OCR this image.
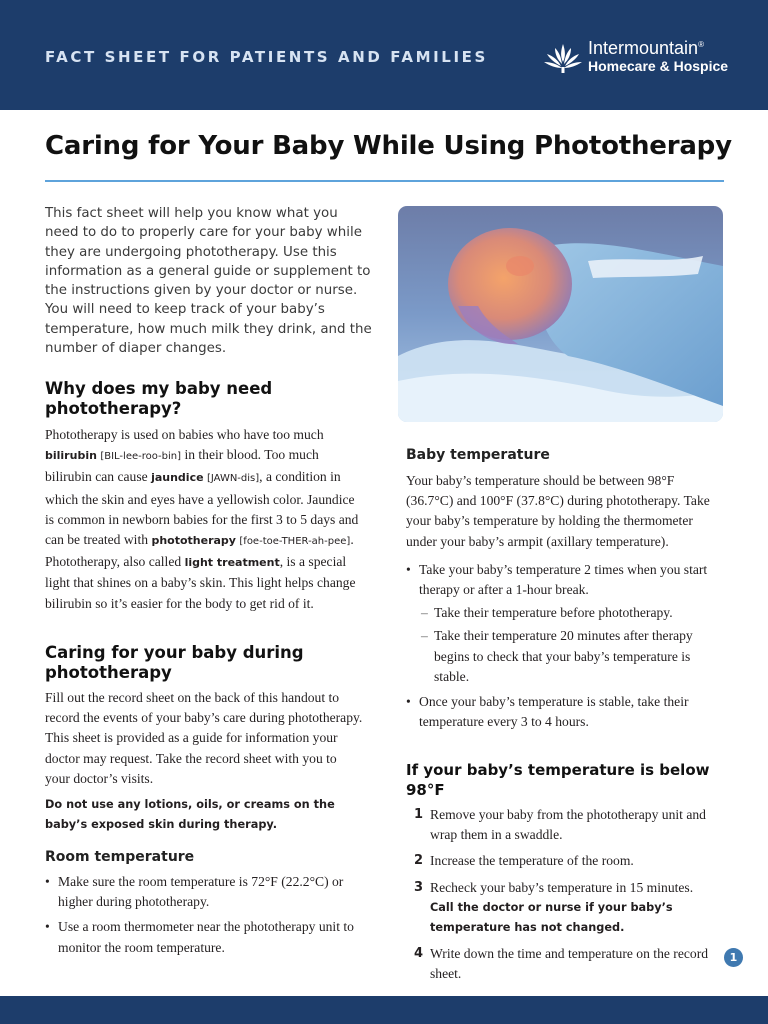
FACT SHEET FOR PATIENTS AND FAMILIES	Intermountain®
Homecare & Hospice
Caring for Your Baby While Using Phototherapy
This fact sheet will help you know what you need to do to properly care for your baby while they are undergoing phototherapy. Use this information as a general guide or supplement to the instructions given by your doctor or nurse. You will need to keep track of your baby’s temperature, how much milk they drink, and the number of diaper changes.
Why does my baby need phototherapy?

Phototherapy is used on babies who have too much bilirubin [BIL-lee-roo-bin] in their blood. Too much bilirubin can cause jaundice [JAWN-dis], a condition in which the skin and eyes have a yellowish color. Jaundice is common in newborn babies for the first 3 to 5 days and can be treated with phototherapy [foe-toe-THER-ah-pee]. Phototherapy, also called light treatment, is a special light that shines on a baby’s skin. This light helps change bilirubin so it’s easier for the body to get rid of it.

Caring for your baby during phototherapy

Fill out the record sheet on the back of this handout to record the events of your baby’s care during phototherapy. This sheet is provided as a guide for information your doctor may request. Take the record sheet with you to your doctor’s visits.

Do not use any lotions, oils, or creams on the baby’s exposed skin during therapy.

Room temperature
• Make sure the room temperature is 72°F (22.2°C) or higher during phototherapy.
• Use a room thermometer near the phototherapy unit to monitor the room temperature.
Baby temperature

Your baby’s temperature should be between 98°F (36.7°C) and 100°F (37.8°C) during phototherapy. Take your baby’s temperature by holding the thermometer under your baby’s armpit (axillary temperature).

• Take your baby’s temperature 2 times when you start therapy or after a 1-hour break.
– Take their temperature before phototherapy.
– Take their temperature 20 minutes after therapy begins to check that your baby’s temperature is stable.
• Once your baby’s temperature is stable, take their temperature every 3 to 4 hours.
If your baby’s temperature is below 98°F
1 Remove your baby from the phototherapy unit and wrap them in a swaddle.
2 Increase the temperature of the room.
3 Recheck your baby’s temperature in 15 minutes.
Call the doctor or nurse if your baby’s temperature has not changed.
4 Write down the time and temperature on the record sheet.
1
